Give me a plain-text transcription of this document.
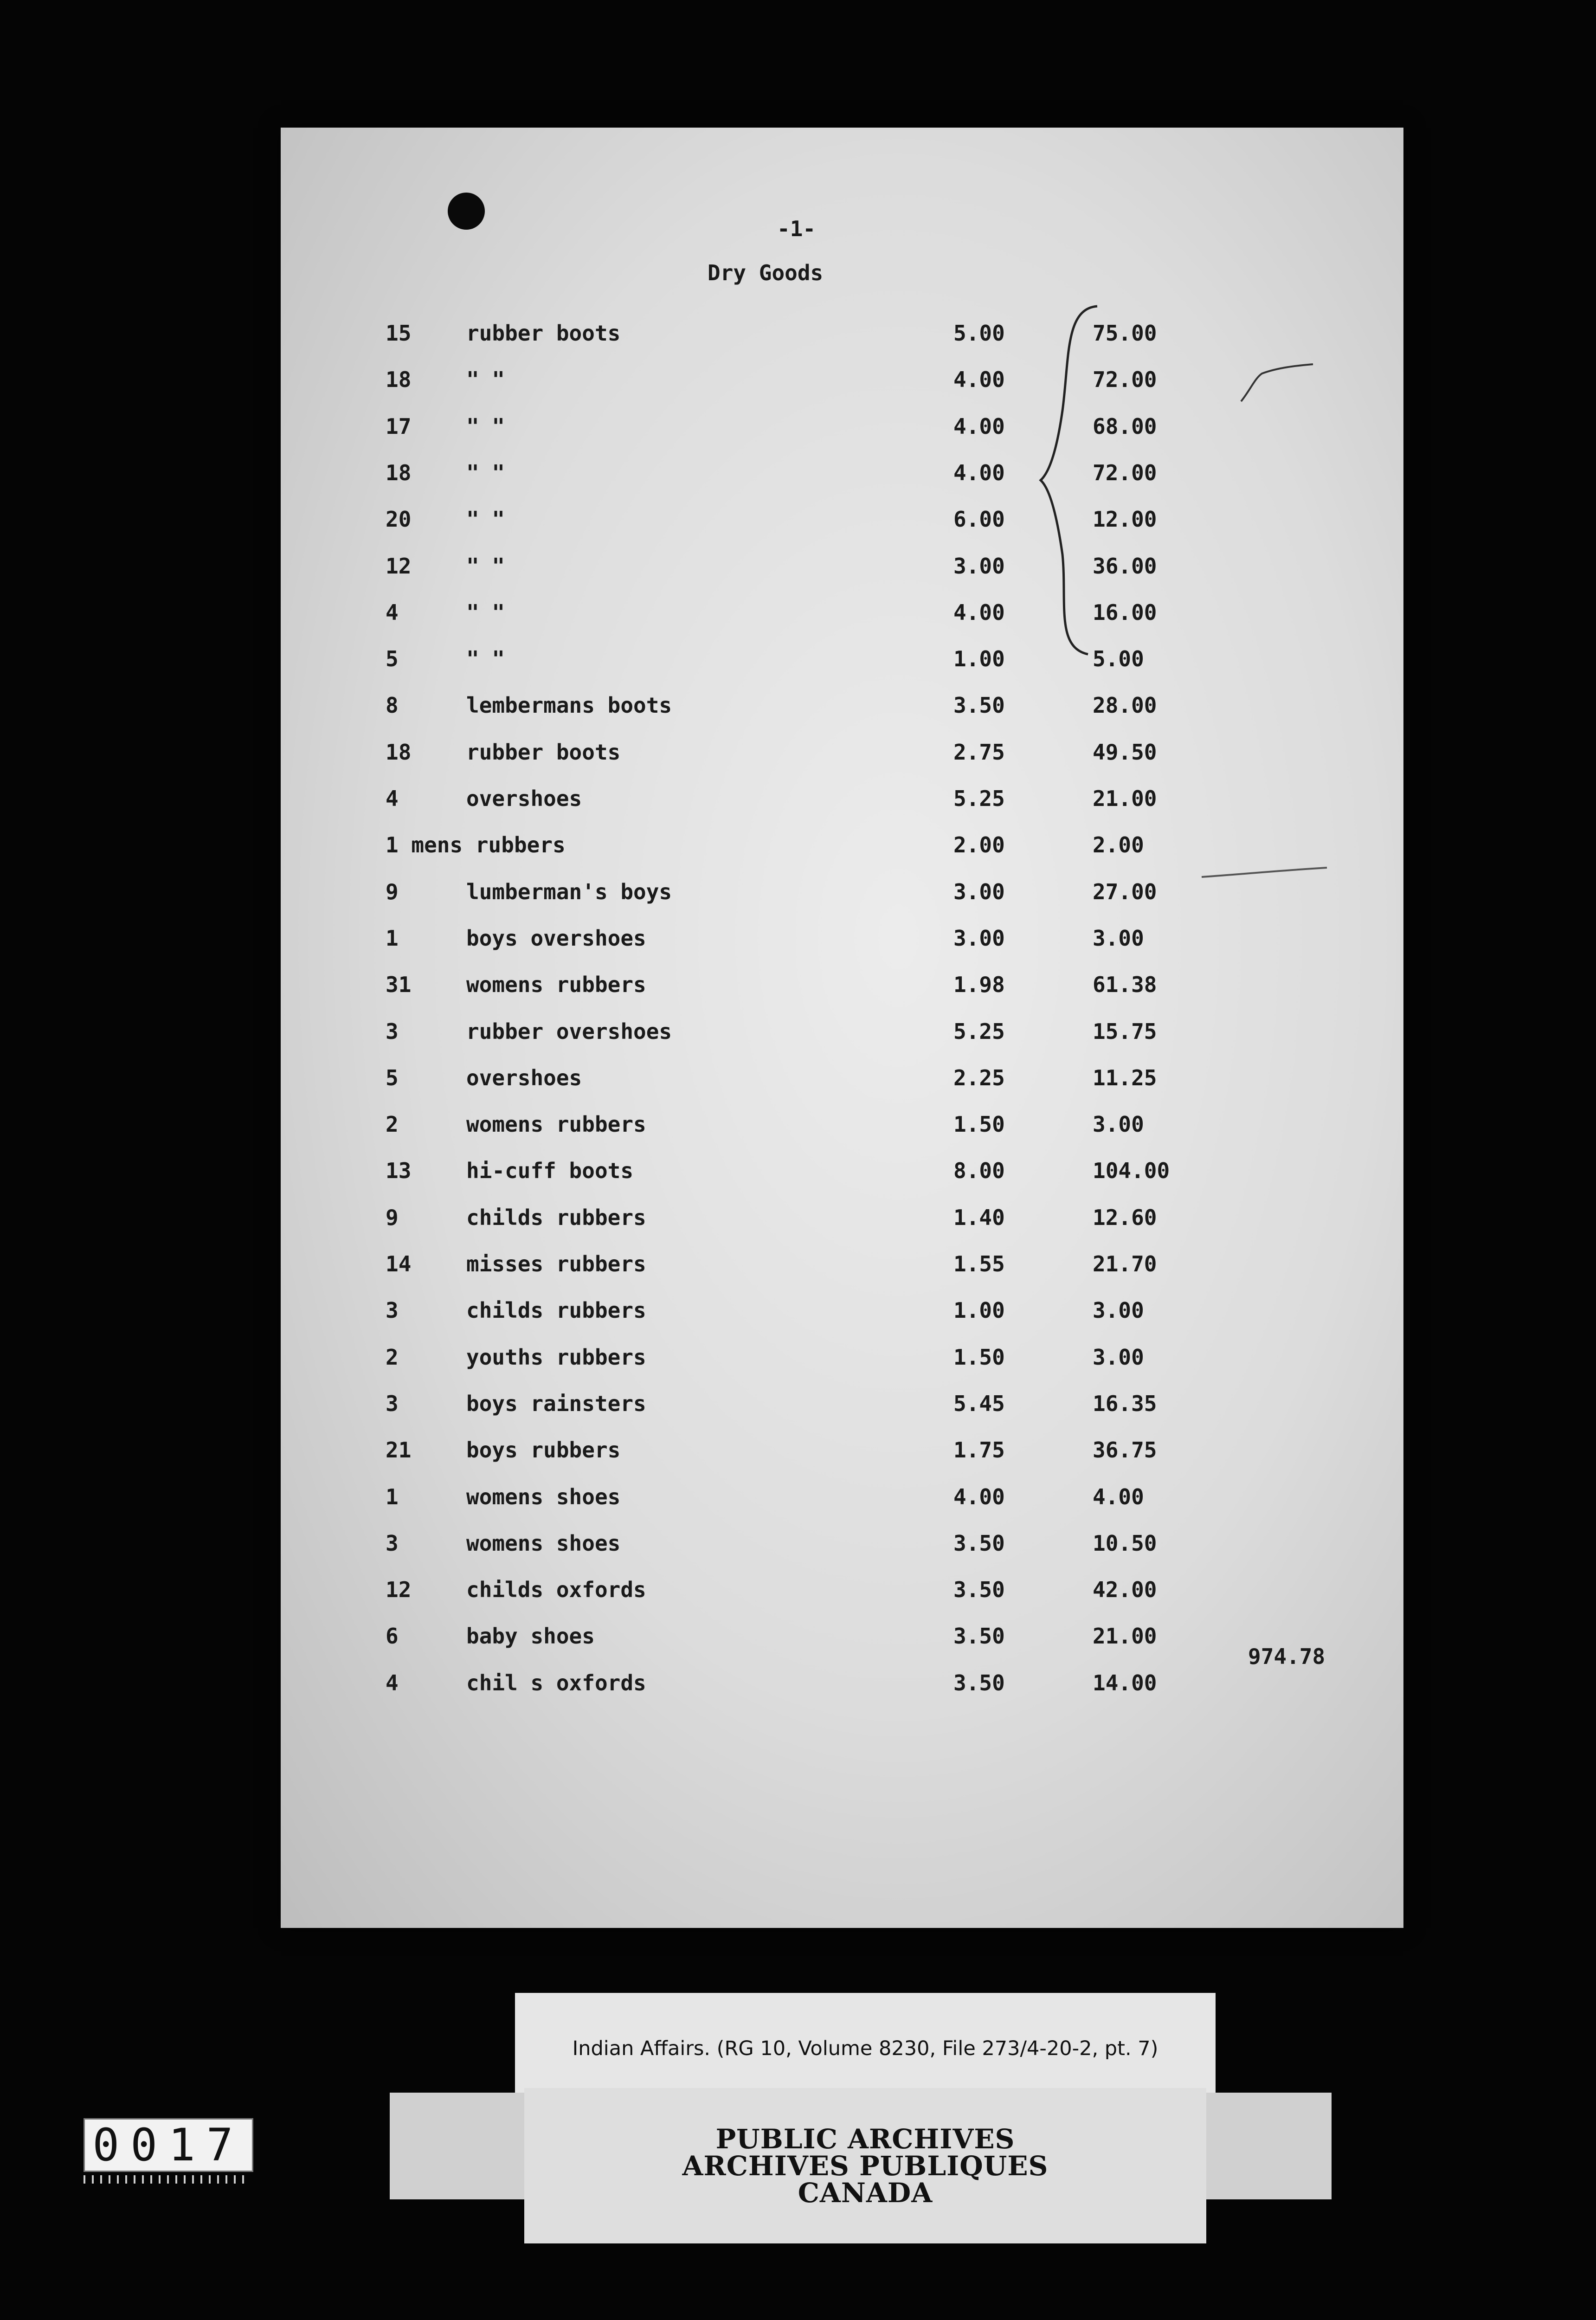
-1-
Dry Goods
15	rubber boots	5.00	75.00
18	" "	4.00	72.00
17	" "	4.00	68.00
18	" "	4.00	72.00
20	" "	6.00	12.00
12	" "	3.00	36.00
4	" "	4.00	16.00
5	" "	1.00	5.00
8	lembermans boots	3.50	28.00
18	rubber boots	2.75	49.50
4	overshoes	5.25	21.00
1 mens rubbers	2.00	2.00
9	lumberman's boys	3.00	27.00
1	boys overshoes	3.00	3.00
31	womens rubbers	1.98	61.38
3	rubber overshoes	5.25	15.75
5	overshoes	2.25	11.25
2	womens rubbers	1.50	3.00
13	hi-cuff boots	8.00	104.00
9	childs rubbers	1.40	12.60
14	misses rubbers	1.55	21.70
3	childs rubbers	1.00	3.00
2	youths rubbers	1.50	3.00
3	boys rainsters	5.45	16.35
21	boys rubbers	1.75	36.75
1	womens shoes	4.00	4.00
3	womens shoes	3.50	10.50
12	childs oxfords	3.50	42.00
6	baby shoes	3.50	21.00
4	chil s oxfords	3.50	14.00
974.78
Indian Affairs. (RG 10, Volume 8230, File 273/4-20-2, pt. 7)
PUBLIC ARCHIVES
ARCHIVES PUBLIQUES
CANADA
0017
